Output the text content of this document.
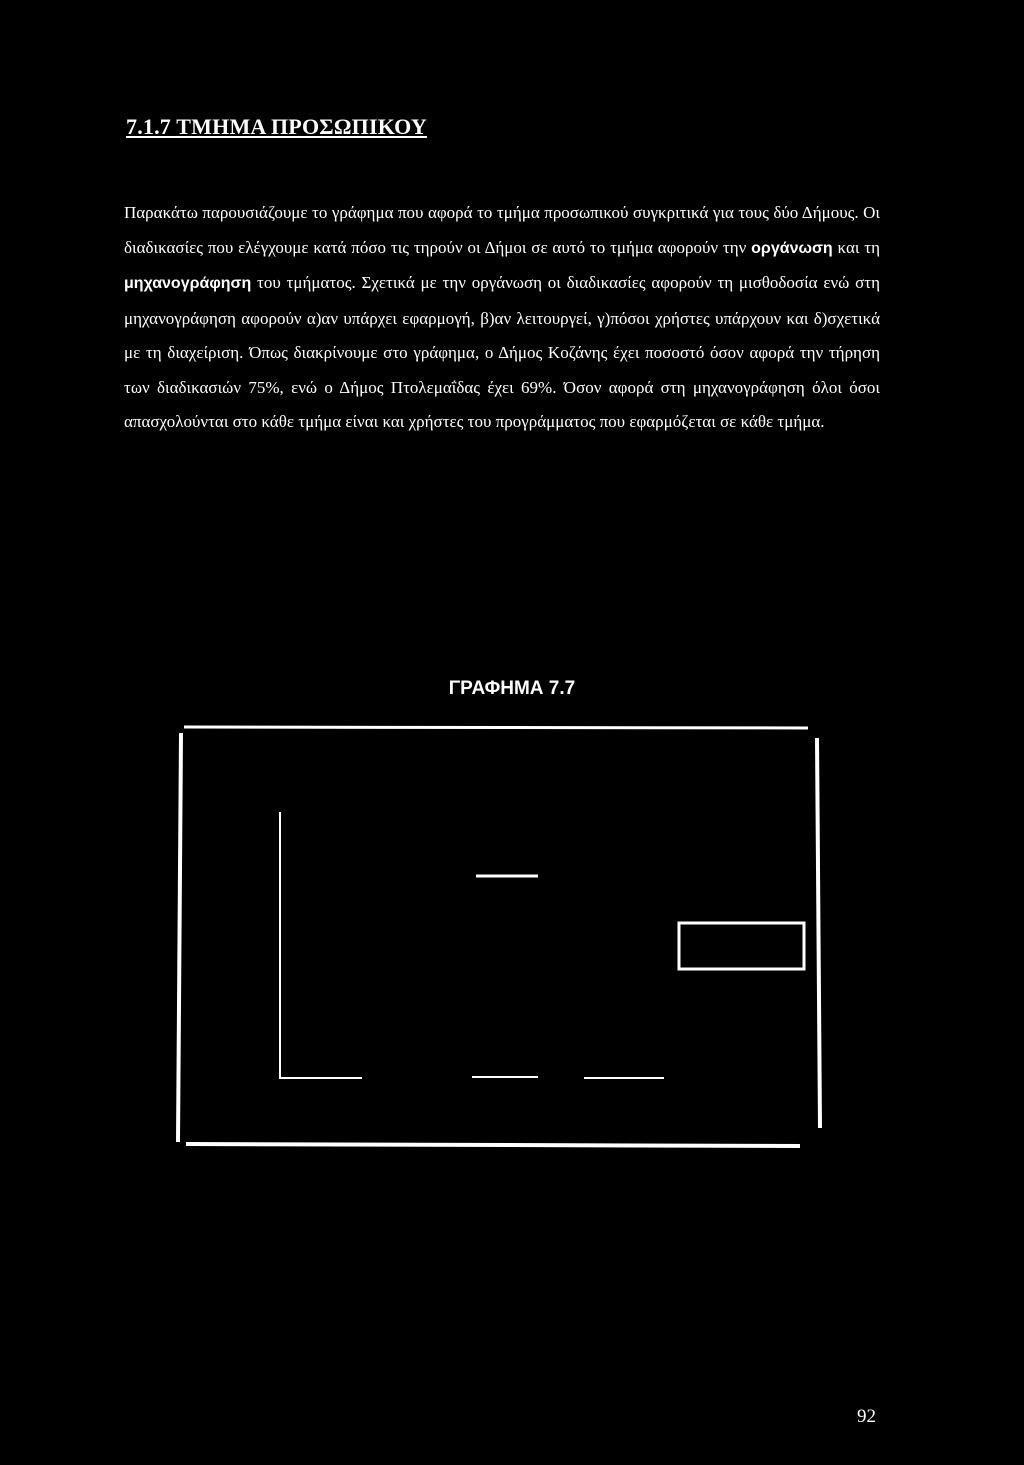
7.1.7 ΤΜΗΜΑ ΠΡΟΣΩΠΙΚΟΥ

Παρακάτω παρουσιάζουμε το γράφημα που αφορά το τμήμα προσωπικού συγκριτικά για τους δύο Δήμους. Οι διαδικασίες που ελέγχουμε κατά πόσο τις τηρούν οι Δήμοι σε αυτό το τμήμα αφορούν την οργάνωση και τη μηχανογράφηση του τμήματος. Σχετικά με την οργάνωση οι διαδικασίες αφορούν τη μισθοδοσία ενώ στη μηχανογράφηση αφορούν α)αν υπάρχει εφαρμογή, β)αν λειτουργεί, γ)πόσοι χρήστες υπάρχουν και δ)σχετικά με τη διαχείριση. Όπως διακρίνουμε στο γράφημα, ο Δήμος Κοζάνης έχει ποσοστό όσον αφορά την τήρηση των διαδικασιών 75%, ενώ ο Δήμος Πτολεμαΐδας έχει 69%. Όσον αφορά στη μηχανογράφηση όλοι όσοι απασχολούνται στο κάθε τμήμα είναι και χρήστες του προγράμματος που εφαρμόζεται σε κάθε τμήμα.

ΓΡΑΦΗΜΑ 7.7
92
